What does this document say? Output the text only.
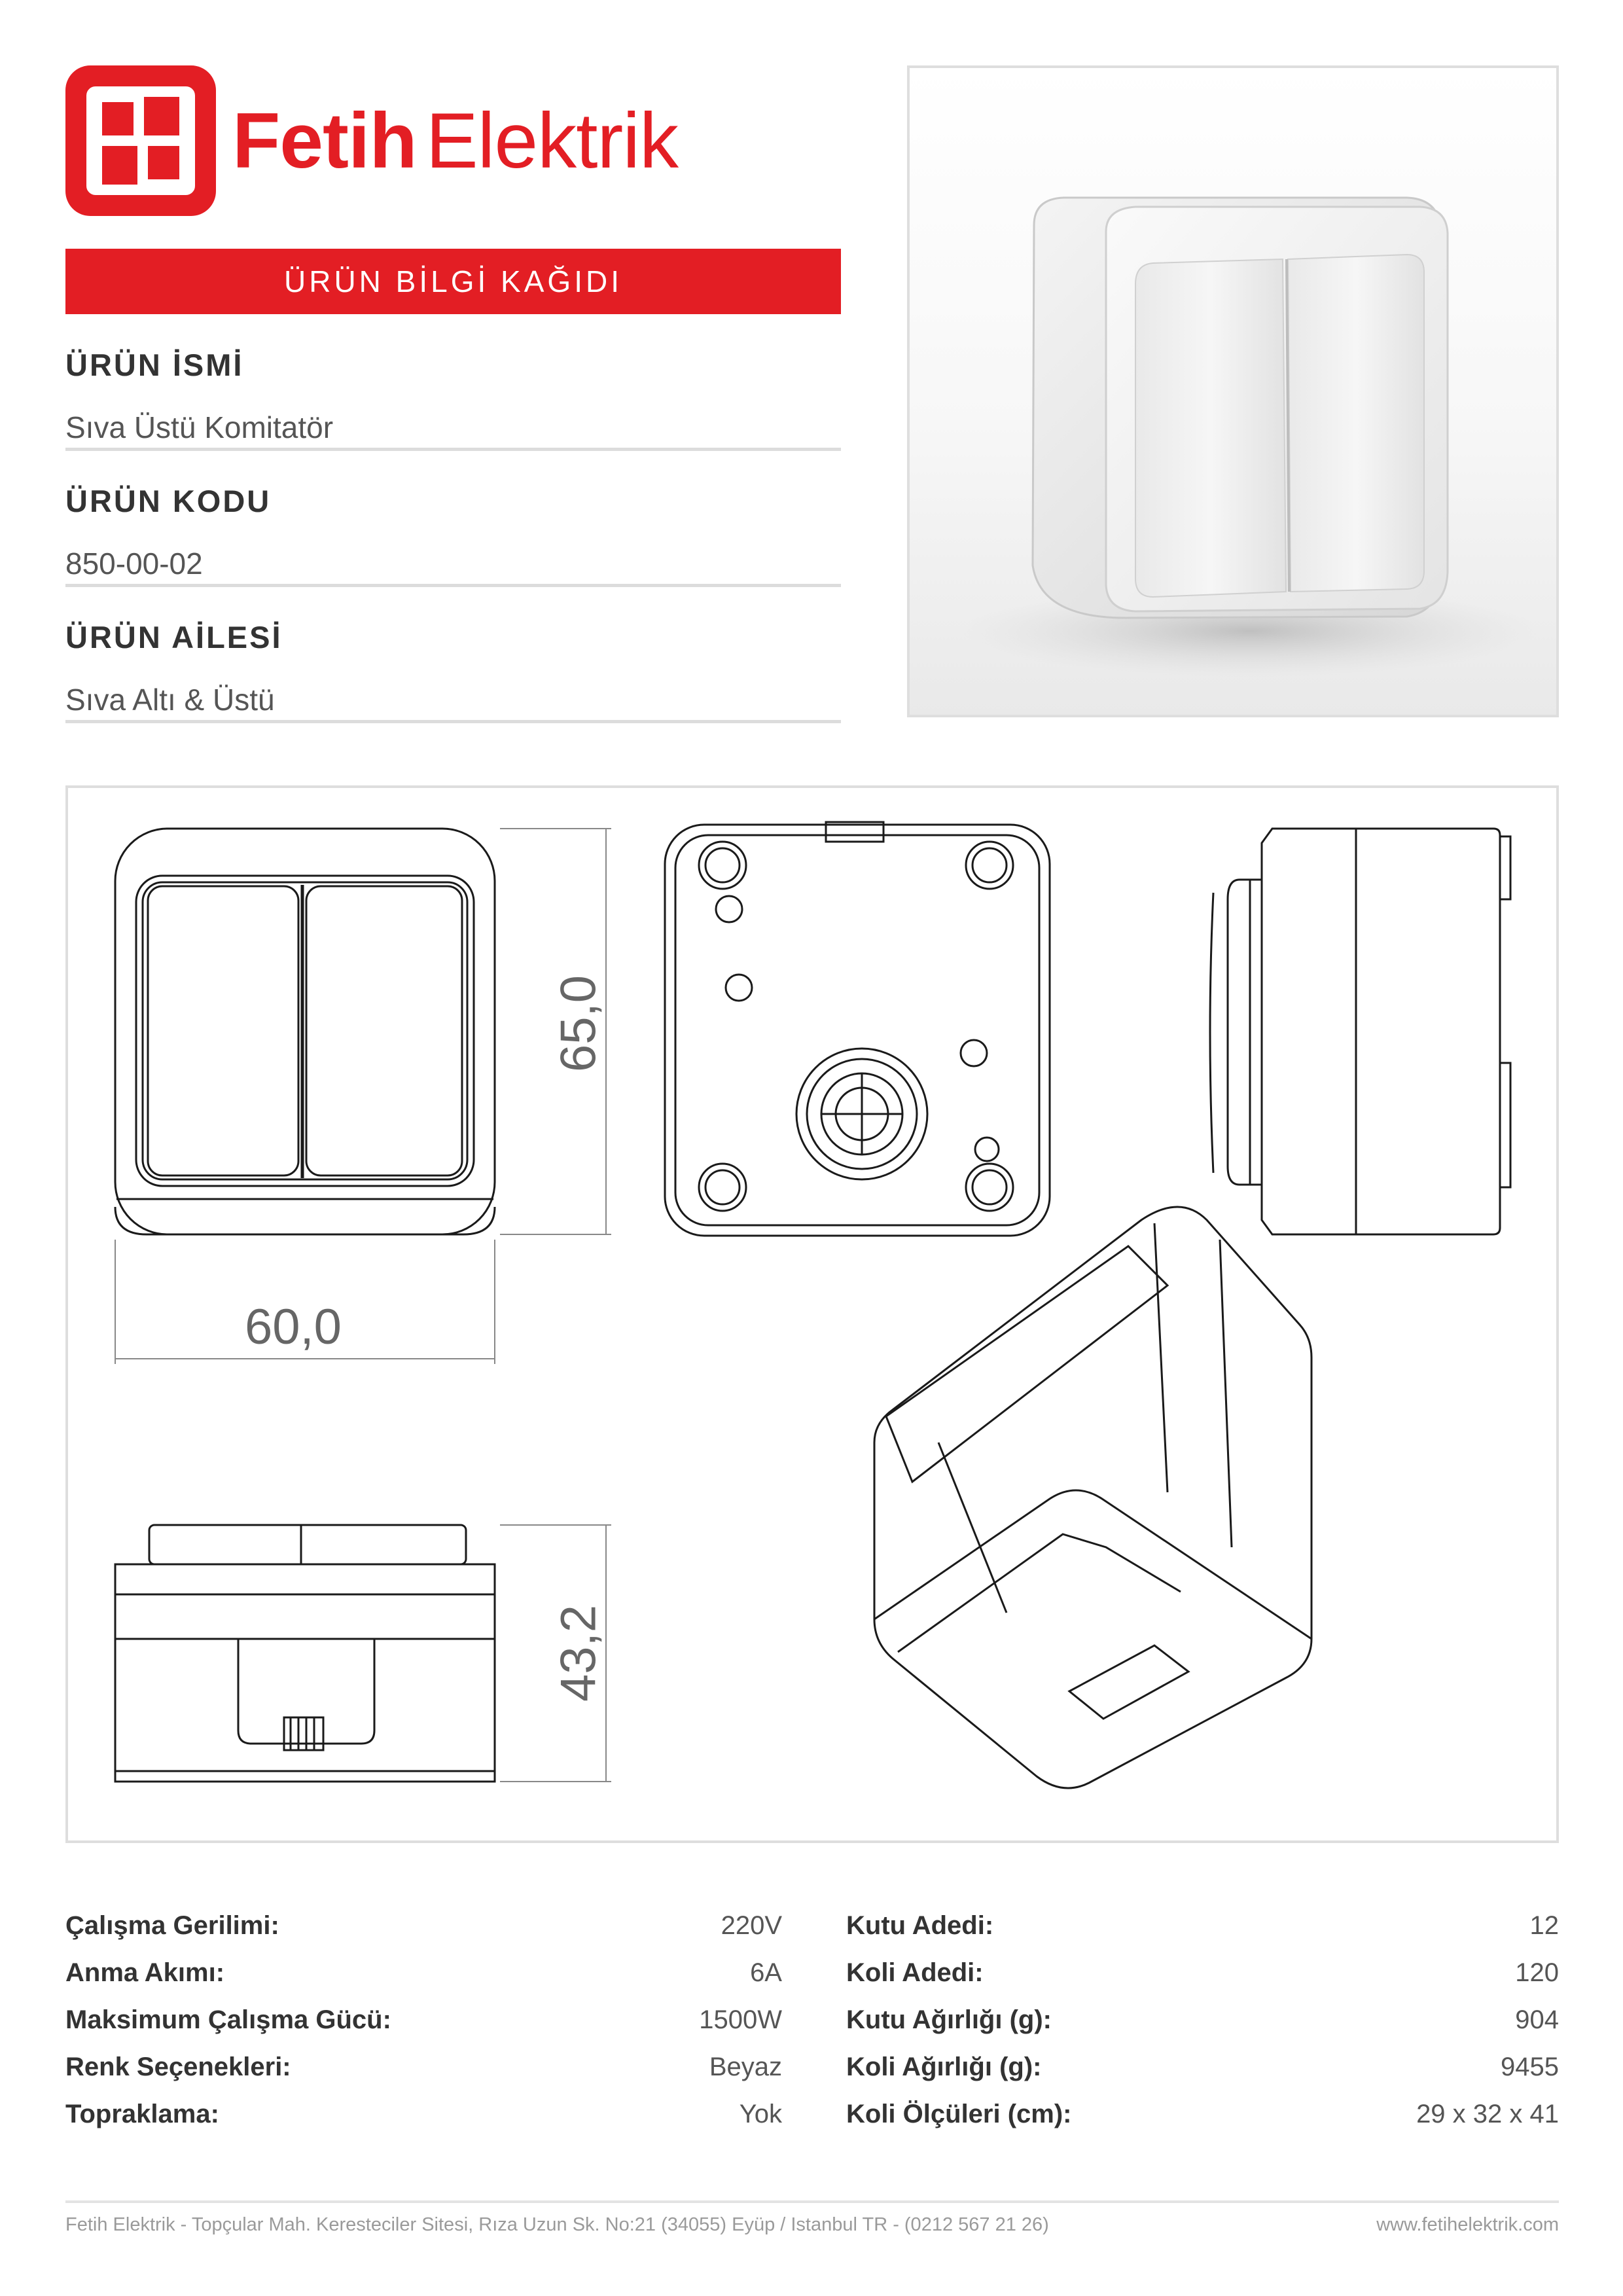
Fetih Elektrik
ÜRÜN BİLGİ KAĞIDI
ÜRÜN İSMİ
Sıva Üstü Komitatör
ÜRÜN KODU
850-00-02
ÜRÜN AİLESİ
Sıva Altı & Üstü
65,0
60,0
43,2
Çalışma Gerilimi:	220V
Anma Akımı:	6A
Maksimum Çalışma Gücü:	1500W
Renk Seçenekleri:	Beyaz
Topraklama:	Yok
Kutu Adedi:	12
Koli Adedi:	120
Kutu Ağırlığı (g):	904
Koli Ağırlığı (g):	9455
Koli Ölçüleri (cm):	29 x 32 x 41
Fetih Elektrik - Topçular Mah. Keresteciler Sitesi, Rıza Uzun Sk. No:21 (34055) Eyüp / Istanbul TR - (0212 567 21 26)	www.fetihelektrik.com
